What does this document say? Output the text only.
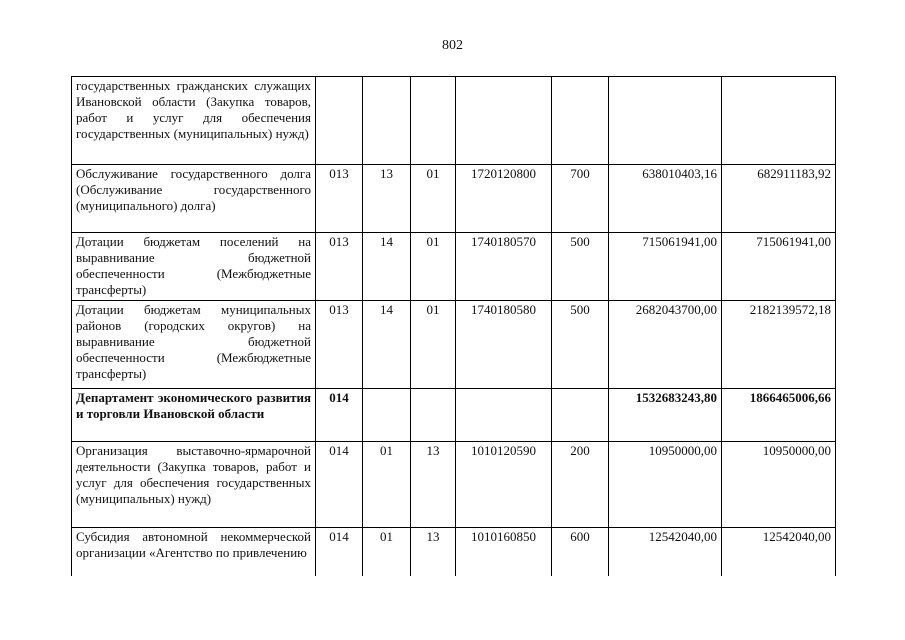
802
государственных гражданских служащих Ивановской области (Закупка товаров, работ и услуг для обеспечения государственных (муниципальных) нужд)							

Обслуживание государственного долга (Обслуживание государственного (муниципального) долга)	013	13	01	1720120800	700	638010403,16	682911183,92

Дотации бюджетам поселений на выравнивание бюджетной обеспеченности (Межбюджетные трансферты)	013	14	01	1740180570	500	715061941,00	715061941,00

Дотации бюджетам муниципальных районов (городских округов) на выравнивание бюджетной обеспеченности (Межбюджетные трансферты)	013	14	01	1740180580	500	2682043700,00	2182139572,18

Департамент экономического развития и торговли Ивановской области	014					1532683243,80	1866465006,66

Организация выставочно-ярмарочной деятельности (Закупка товаров, работ и услуг для обеспечения государственных (муниципальных) нужд)	014	01	13	1010120590	200	10950000,00	10950000,00

Субсидия автономной некоммерческой организации «Агентство по привлечению	014	01	13	1010160850	600	12542040,00	12542040,00
